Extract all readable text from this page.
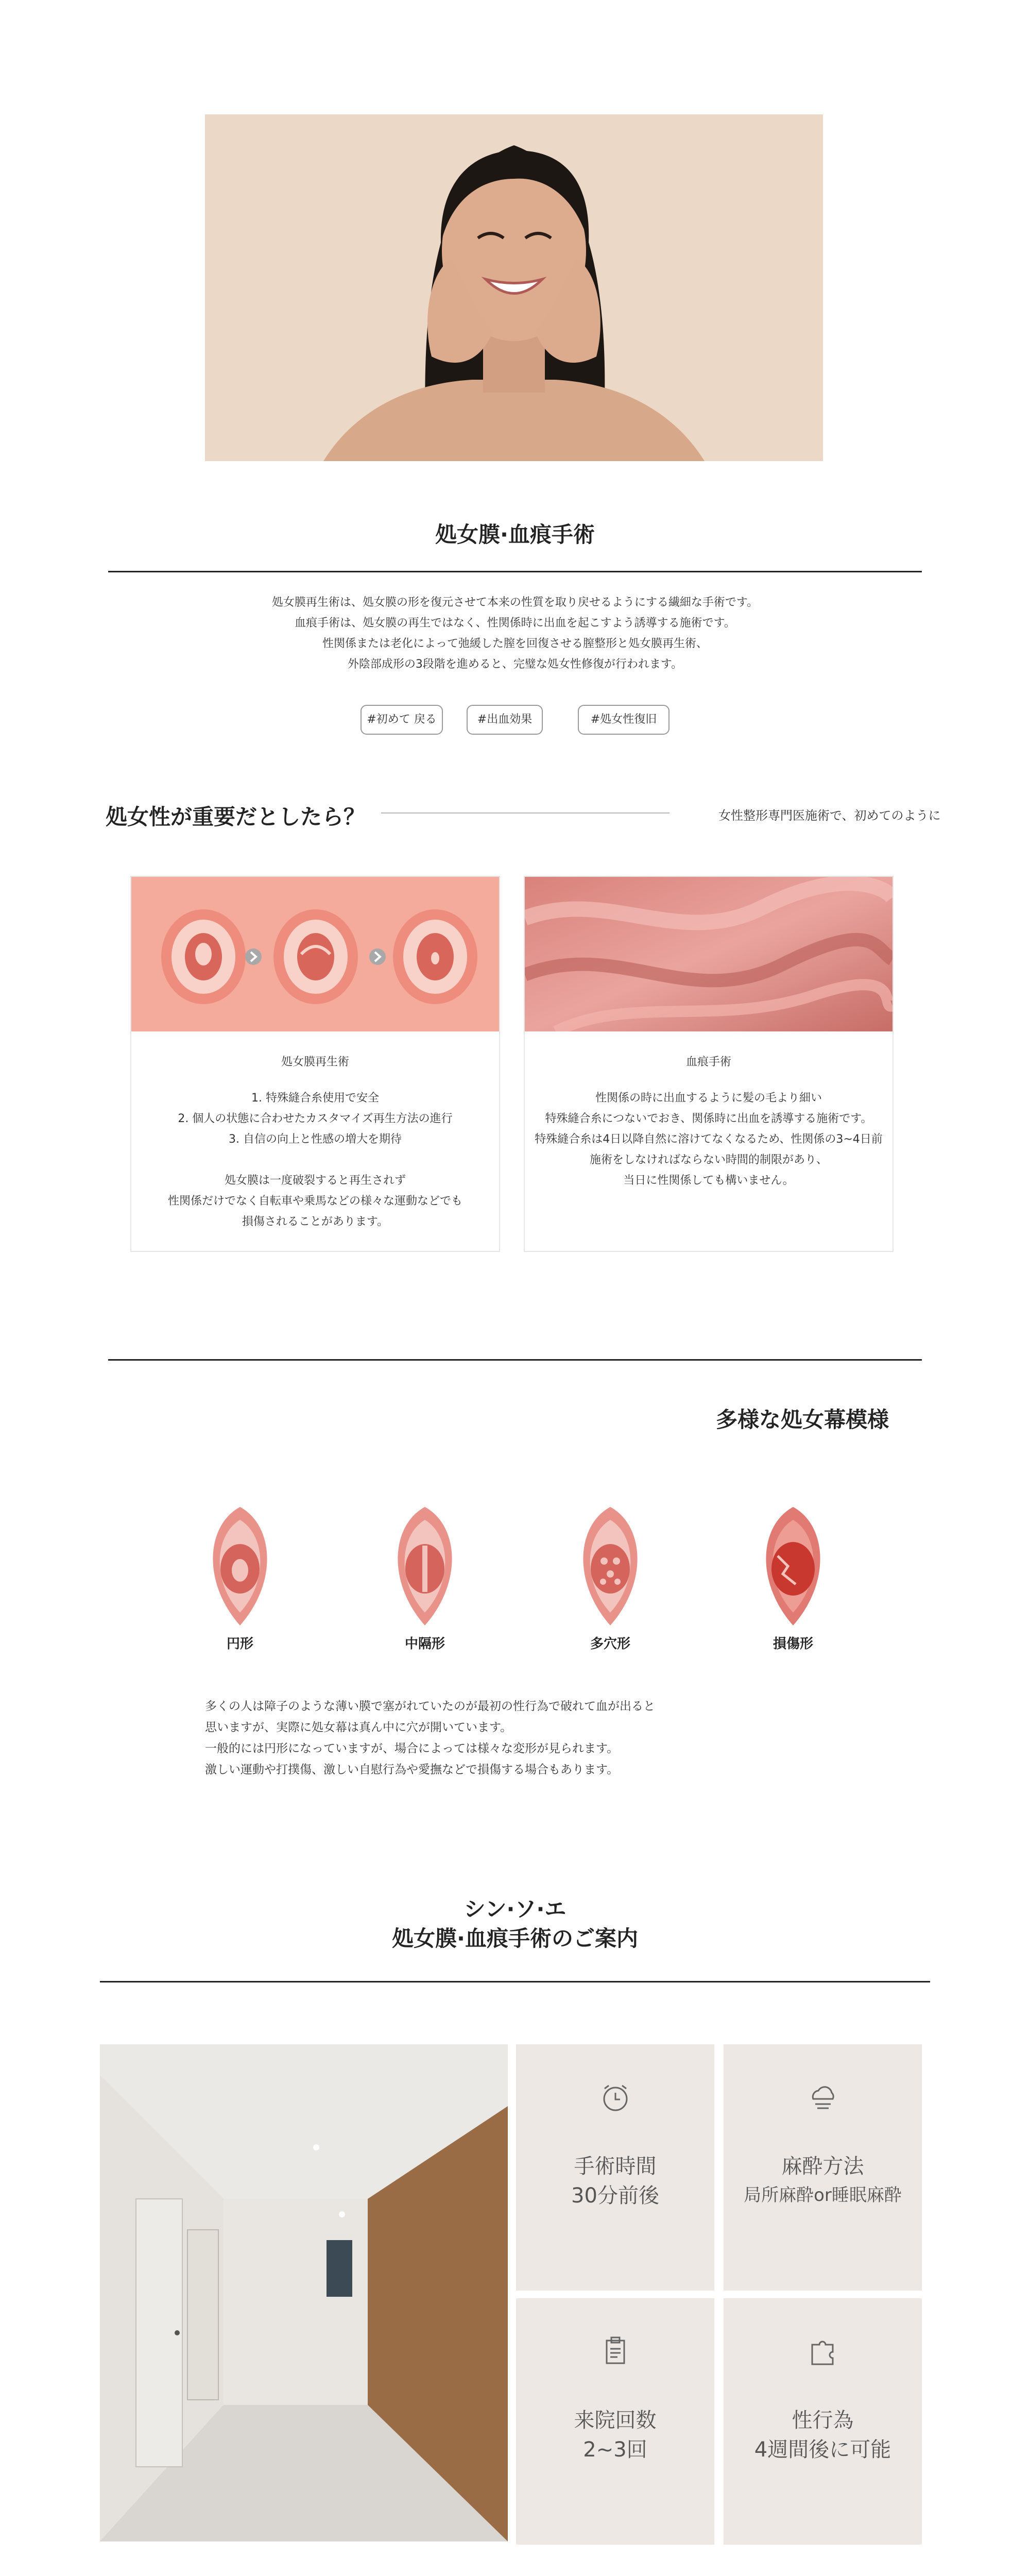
処女膜·血痕手術
処女膜再生術は、処女膜の形を復元させて本来の性質を取り戻せるようにする繊細な手術です。
血痕手術は、処女膜の再生ではなく、性関係時に出血を起こすよう誘導する施術です。
性関係または老化によって弛緩した膣を回復させる膣整形と処女膜再生術、
外陰部成形の3段階を進めると、完璧な処女性修復が行われます。
#初めて 戻る	#出血効果	#処女性復旧
処女性が重要だとしたら？	女性整形専門医施術で、初めてのように
処女膜再生術
1. 特殊縫合糸使用で安全
2. 個人の状態に合わせたカスタマイズ再生方法の進行
3. 自信の向上と性感の増大を期待
処女膜は一度破裂すると再生されず
性関係だけでなく自転車や乗馬などの様々な運動などでも
損傷されることがあります。
血痕手術
性関係の時に出血するように髪の毛より細い
特殊縫合糸につないでおき、関係時に出血を誘導する施術です。
特殊縫合糸は4日以降自然に溶けてなくなるため、性関係の3~4日前
施術をしなければならない時間的制限があり、
当日に性関係しても構いません。
多様な処女幕模様
円形	中隔形	多穴形	損傷形
多くの人は障子のような薄い膜で塞がれていたのが最初の性行為で破れて血が出ると
思いますが、実際に処女幕は真ん中に穴が開いています。
一般的には円形になっていますが、場合によっては様々な変形が見られます。
激しい運動や打撲傷、激しい自慰行為や愛撫などで損傷する場合もあります。
シン·ソ·エ
処女膜·血痕手術のご案内
手術時間
30分前後
麻酔方法
局所麻酔or睡眠麻酔
来院回数
2~3回
性行為
4週間後に可能
